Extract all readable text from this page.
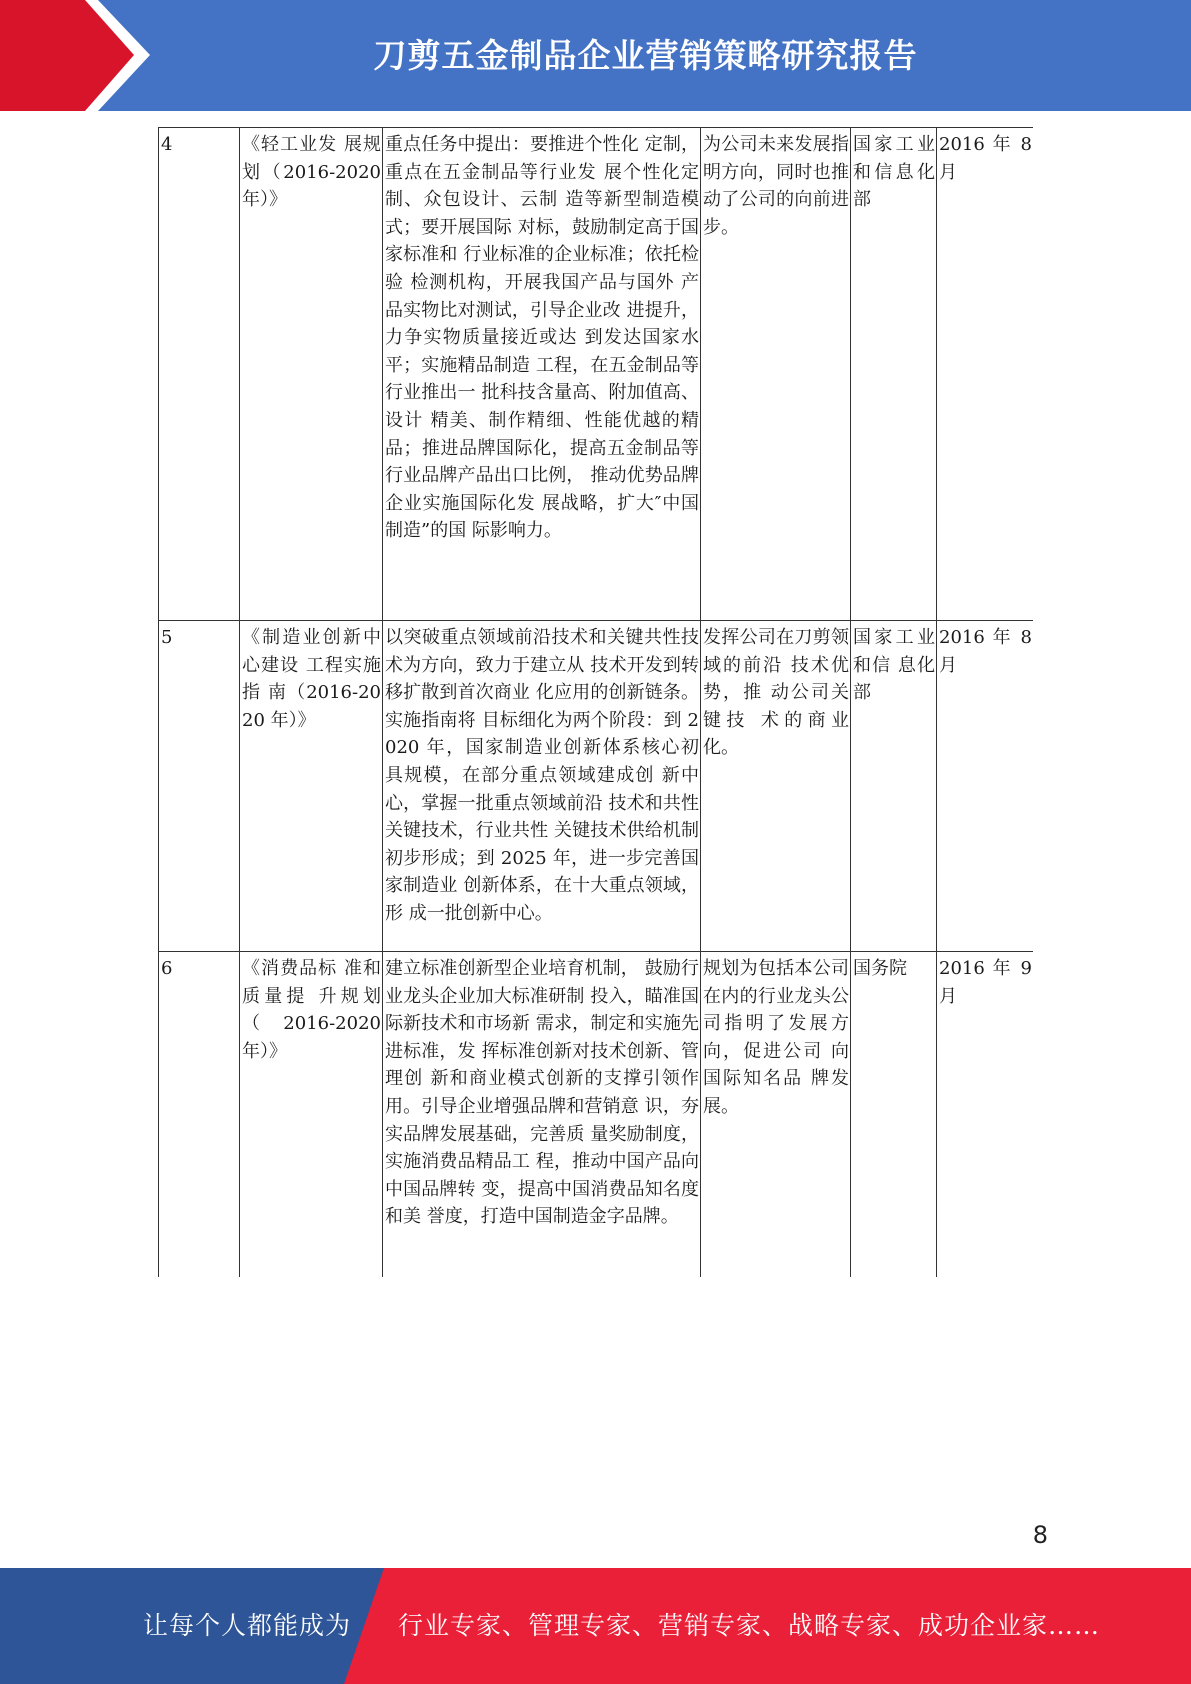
刀剪五金制品企业营销策略研究报告
4	《轻工业发 展规划（2016-2020 年）》	重点任务中提出：要推进个性化 定制，重点在五金制品等行业发 展个性化定制、众包设计、云制 造等新型制造模式；要开展国际 对标，鼓励制定高于国家标准和 行业标准的企业标准；依托检验 检测机构，开展我国产品与国外 产品实物比对测试，引导企业改 进提升，力争实物质量接近或达 到发达国家水平；实施精品制造 工程，在五金制品等行业推出一 批科技含量高、附加值高、设计 精美、制作精细、性能优越的精 品；推进品牌国际化，提高五金制品等行业品牌产品出口比例， 推动优势品牌企业实施国际化发 展战略，扩大″中国制造”的国 际影响力。	为公司未来发展指明方向，同时也推动了公司的向前进步。	国家工业和信息化部	2016 年 8 月
5	《制造业创新中心建设 工程实施指 南（2016-2020 年）》	以突破重点领域前沿技术和关键共性技术为方向，致力于建立从 技术开发到转移扩散到首次商业 化应用的创新链条。实施指南将 目标细化为两个阶段：到 2020 年，国家制造业创新体系核心初 具规模，在部分重点领域建成创 新中心，掌握一批重点领域前沿 技术和共性关键技术，行业共性 关键技术供给机制初步形成；到 2025 年，进一步完善国家制造业 创新体系，在十大重点领域，形 成一批创新中心。	发挥公司在刀剪领域的前沿 技术优势，推 动公司关键技 术的商业化。	国家工业和信 息化部	2016 年 8 月
6	《消费品标 准和质量提 升规划（2016-2020 年）》	建立标准创新型企业培育机制， 鼓励行业龙头企业加大标准研制 投入，瞄准国际新技术和市场新 需求，制定和实施先进标准，发 挥标准创新对技术创新、管理创 新和商业模式创新的支撑引领作 用。引导企业增强品牌和营销意 识，夯实品牌发展基础，完善质 量奖励制度，实施消费品精品工 程，推动中国产品向中国品牌转 变，提高中国消费品知名度和美 誉度，打造中国制造金字品牌。	规划为包括本公司在内的行业龙头公司指明了发展方 向，促进公司 向国际知名品 牌发展。	国务院	2016 年 9 月
8
让每个人都能成为 行业专家、管理专家、营销专家、战略专家、成功企业家……
